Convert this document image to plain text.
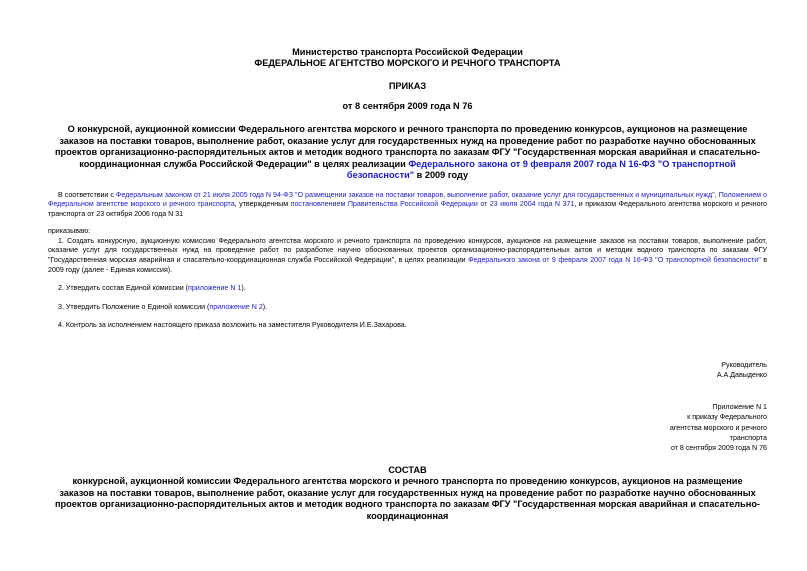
Министерство транспорта Российской Федерации
ФЕДЕРАЛЬНОЕ АГЕНТСТВО МОРСКОГО И РЕЧНОГО ТРАНСПОРТА
ПРИКАЗ
от 8 сентября 2009 года N 76
О конкурсной, аукционной комиссии Федерального агентства морского и речного транспорта по проведению конкурсов, аукционов на размещение заказов на поставки товаров, выполнение работ, оказание услуг для государственных нужд на проведение работ по разработке научно обоснованных проектов организационно-распорядительных актов и методик водного транспорта по заказам ФГУ "Государственная морская аварийная и спасательно-координационная служба Российской Федерации" в целях реализации Федерального закона от 9 февраля 2007 года N 16-ФЗ "О транспортной безопасности" в 2009 году
В соответствии с Федеральным законом от 21 июля 2005 года N 94-ФЗ "О размещении заказов на поставки товаров, выполнение работ, оказание услуг для государственных и муниципальных нужд", Положением о Федеральном агентстве морского и речного транспорта, утвержденным постановлением Правительства Российской Федерации от 23 июля 2004 года N 371, и приказом Федерального агентства морского и речного транспорта от 23 октября 2006 года N 31
приказываю:
1. Создать конкурсную, аукционную комиссию Федерального агентства морского и речного транспорта по проведению конкурсов, аукционов на размещение заказов на поставки товаров, выполнение работ, оказание услуг для государственных нужд на проведение работ по разработке научно обоснованных проектов организационно-распорядительных актов и методик водного транспорта по заказам ФГУ "Государственная морская аварийная и спасательно-координационная служба Российской Федерации", в целях реализации Федерального закона от 9 февраля 2007 года N 16-ФЗ "О транспортной безопасности" в 2009 году (далее - Единая комиссия).
2. Утвердить состав Единой комиссии (приложение N 1).
3. Утвердить Положение о Единой комиссии (приложение N 2).
4. Контроль за исполнением настоящего приказа возложить на заместителя Руководителя И.Е.Захарова.
Руководитель
А.А.Давыденко
Приложение N 1
к приказу Федерального
агентства морского и речного
транспорта
от 8 сентября 2009 года N 76
СОСТАВ
конкурсной, аукционной комиссии Федерального агентства морского и речного транспорта по проведению конкурсов, аукционов на размещение заказов на поставки товаров, выполнение работ, оказание услуг для государственных нужд на проведение работ по разработке научно обоснованных проектов организационно-распорядительных актов и методик водного транспорта по заказам ФГУ "Государственная морская аварийная и спасательно-координационная
